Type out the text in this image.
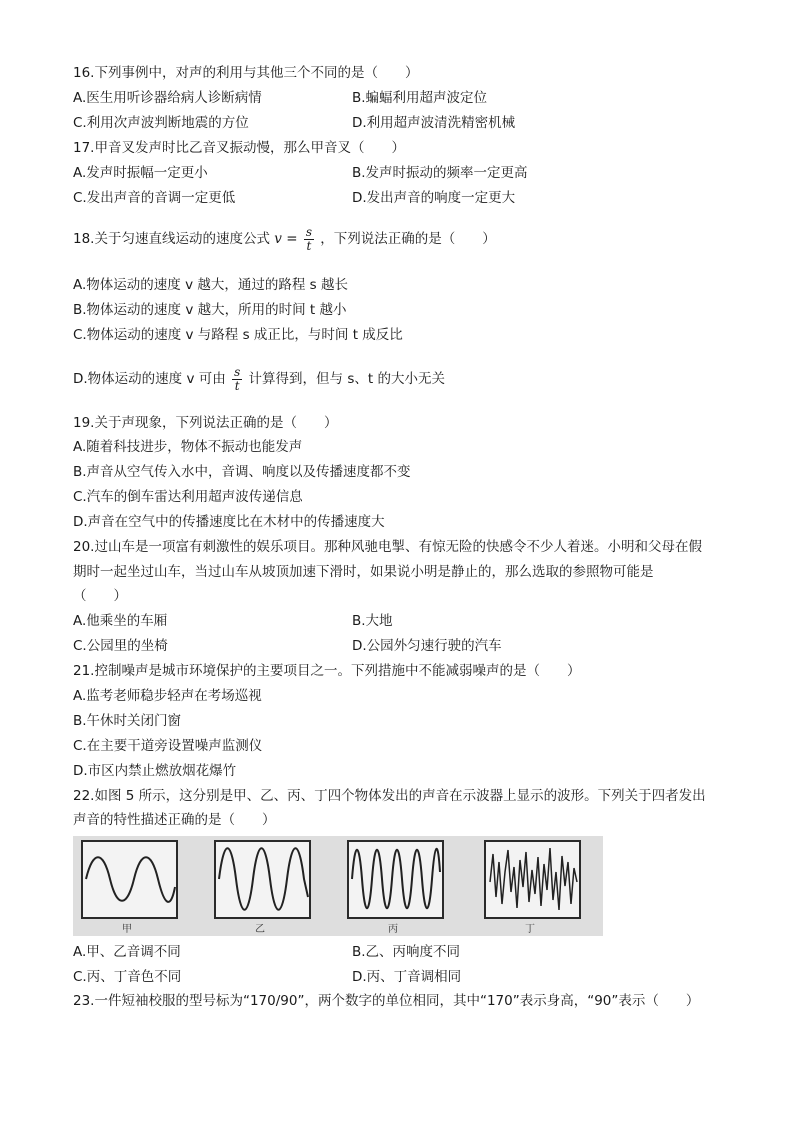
16.下列事例中，对声的利用与其他三个不同的是（　　）
A.医生用听诊器给病人诊断病情	B.蝙蝠利用超声波定位
C.利用次声波判断地震的方位	D.利用超声波清洗精密机械
17.甲音叉发声时比乙音叉振动慢，那么甲音叉（　　）
A.发声时振幅一定更小	B.发声时振动的频率一定更高
C.发出声音的音调一定更低	D.发出声音的响度一定更大
18.关于匀速直线运动的速度公式 $v = \frac{s}{t}$ ，下列说法正确的是（　　）
A.物体运动的速度 v 越大，通过的路程 s 越长
B.物体运动的速度 v 越大，所用的时间 t 越小
C.物体运动的速度 v 与路程 s 成正比，与时间 t 成反比
D.物体运动的速度 v 可由 $\frac{s}{t}$ 计算得到，但与 s、t 的大小无关
19.关于声现象，下列说法正确的是（　　）
A.随着科技进步，物体不振动也能发声
B.声音从空气传入水中，音调、响度以及传播速度都不变
C.汽车的倒车雷达利用超声波传递信息
D.声音在空气中的传播速度比在木材中的传播速度大
20.过山车是一项富有刺激性的娱乐项目。那种风驰电掣、有惊无险的快感令不少人着迷。小明和父母在假
期时一起坐过山车，当过山车从坡顶加速下滑时，如果说小明是静止的，那么选取的参照物可能是
（　　）
A.他乘坐的车厢	B.大地
C.公园里的坐椅	D.公园外匀速行驶的汽车
21.控制噪声是城市环境保护的主要项目之一。下列措施中不能减弱噪声的是（　　）
A.监考老师稳步轻声在考场巡视
B.午休时关闭门窗
C.在主要干道旁设置噪声监测仪
D.市区内禁止燃放烟花爆竹
22.如图 5 所示，这分别是甲、乙、丙、丁四个物体发出的声音在示波器上显示的波形。下列关于四者发出
声音的特性描述正确的是（　　）
甲	乙	丙	丁
A.甲、乙音调不同	B.乙、丙响度不同
C.丙、丁音色不同	D.丙、丁音调相同
23.一件短袖校服的型号标为“170/90”，两个数字的单位相同，其中“170”表示身高，“90”表示（　　）
